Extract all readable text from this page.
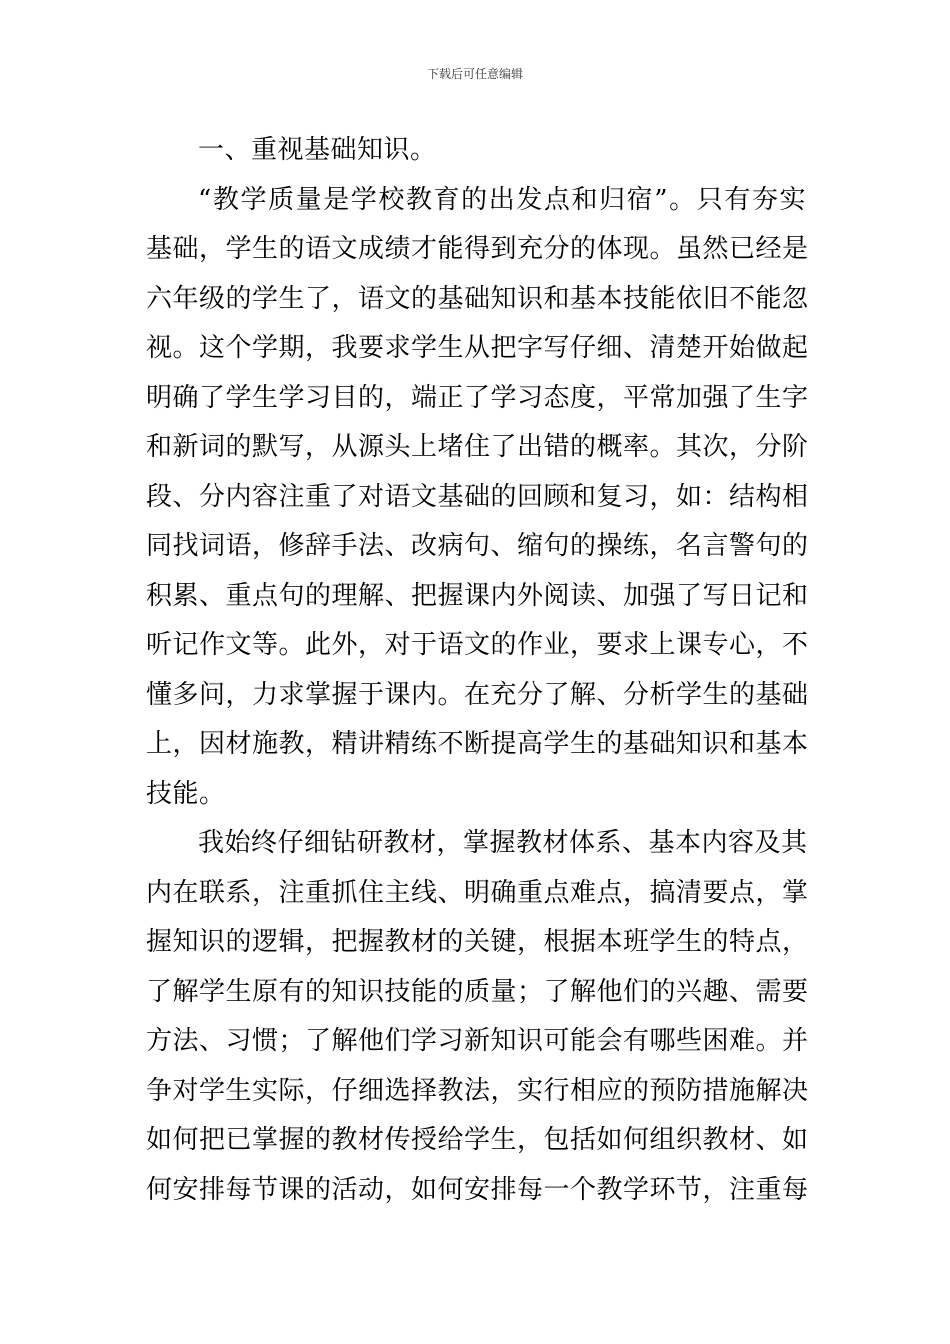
下载后可任意编辑
一、重视基础知识。
“教学质量是学校教育的出发点和归宿”。只有夯实
基础，学生的语文成绩才能得到充分的体现。虽然已经是
六年级的学生了，语文的基础知识和基本技能依旧不能忽
视。这个学期，我要求学生从把字写仔细、清楚开始做起
明确了学生学习目的，端正了学习态度，平常加强了生字
和新词的默写，从源头上堵住了出错的概率。其次，分阶
段、分内容注重了对语文基础的回顾和复习，如：结构相
同找词语，修辞手法、改病句、缩句的操练，名言警句的
积累、重点句的理解、把握课内外阅读、加强了写日记和
听记作文等。此外，对于语文的作业，要求上课专心，不
懂多问，力求掌握于课内。在充分了解、分析学生的基础
上，因材施教，精讲精练不断提高学生的基础知识和基本
技能。
我始终仔细钻研教材，掌握教材体系、基本内容及其
内在联系，注重抓住主线、明确重点难点，搞清要点，掌
握知识的逻辑，把握教材的关键，根据本班学生的特点，
了解学生原有的知识技能的质量；了解他们的兴趣、需要
方法、习惯；了解他们学习新知识可能会有哪些困难。并
争对学生实际，仔细选择教法，实行相应的预防措施解决
如何把已掌握的教材传授给学生，包括如何组织教材、如
何安排每节课的活动，如何安排每一个教学环节，注重每
